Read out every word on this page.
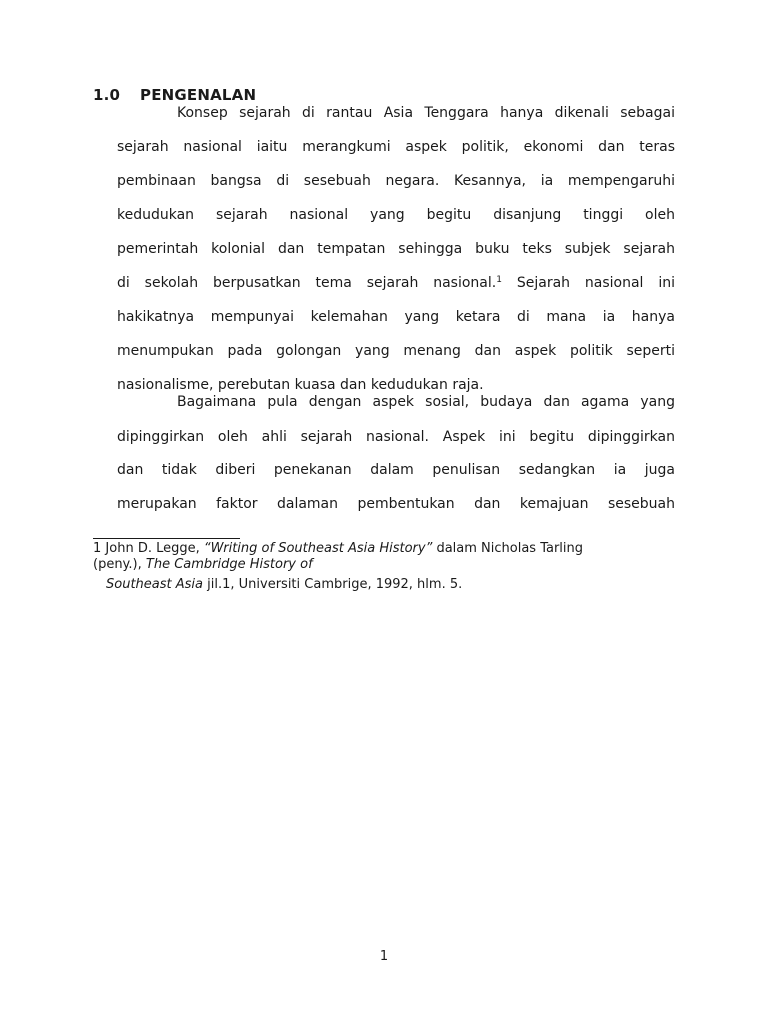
1.0 PENGENALAN
Konsep sejarah di rantau Asia Tenggara hanya dikenali sebagai
sejarah nasional iaitu merangkumi aspek politik, ekonomi dan teras
pembinaan bangsa di sesebuah negara. Kesannya, ia mempengaruhi
kedudukan sejarah nasional yang begitu disanjung tinggi oleh
pemerintah kolonial dan tempatan sehingga buku teks subjek sejarah
di sekolah berpusatkan tema sejarah nasional.$^1$ Sejarah nasional ini
hakikatnya mempunyai kelemahan yang ketara di mana ia hanya
menumpukan pada golongan yang menang dan aspek politik seperti
nasionalisme, perebutan kuasa dan kedudukan raja.
Bagaimana pula dengan aspek sosial, budaya dan agama yang
dipinggirkan oleh ahli sejarah nasional. Aspek ini begitu dipinggirkan
dan tidak diberi penekanan dalam penulisan sedangkan ia juga
merupakan faktor dalaman pembentukan dan kemajuan sesebuah
1 John D. Legge, “Writing of Southeast Asia History” dalam Nicholas Tarling
(peny.), The Cambridge History of
Southeast Asia jil.1, Universiti Cambrige, 1992, hlm. 5.
1
